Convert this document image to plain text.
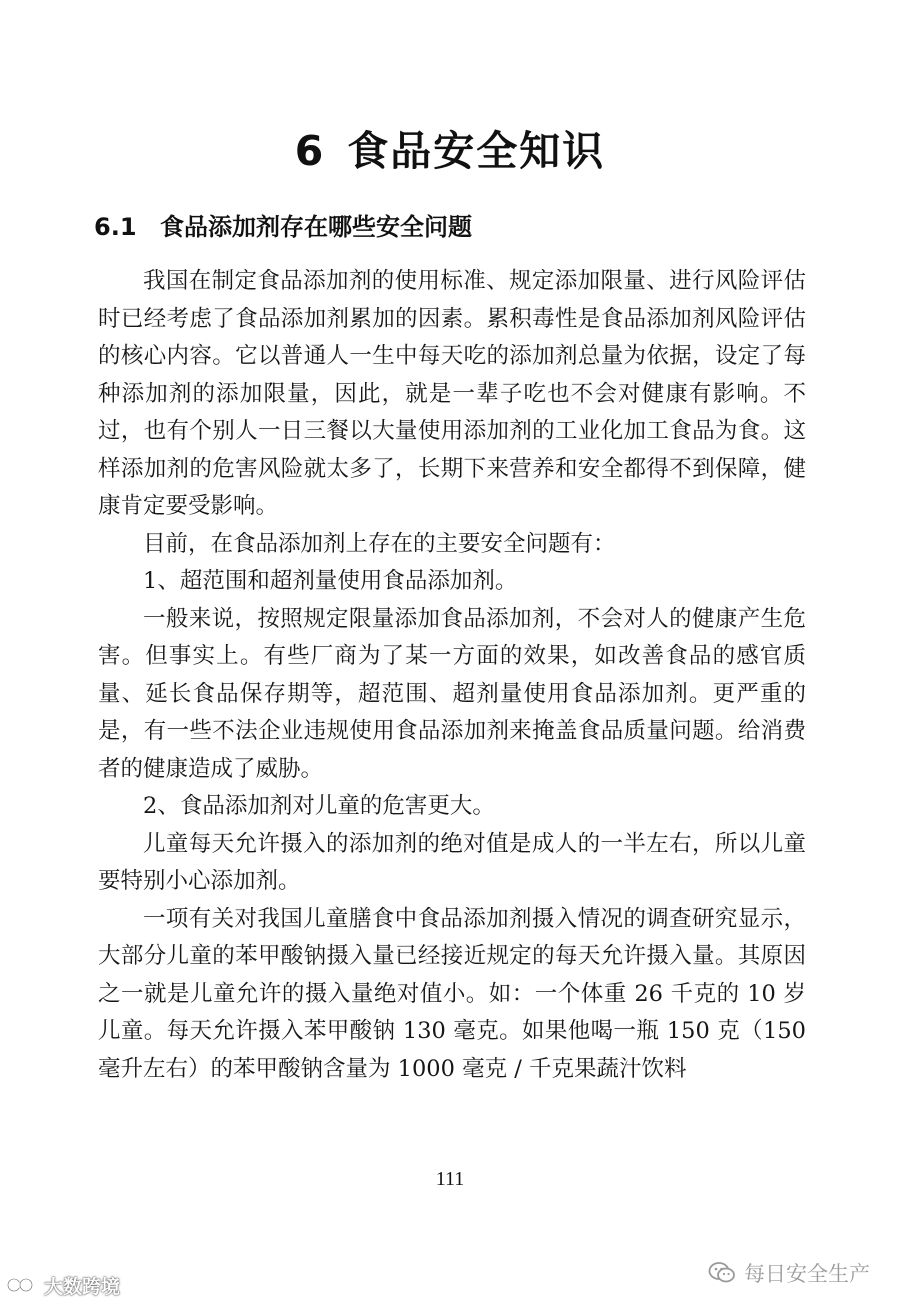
6 食品安全知识
6.1 食品添加剂存在哪些安全问题

我国在制定食品添加剂的使用标准、规定添加限量、进行风险评估时已经考虑了食品添加剂累加的因素。累积毒性是食品添加剂风险评估的核心内容。它以普通人一生中每天吃的添加剂总量为依据，设定了每种添加剂的添加限量，因此，就是一辈子吃也不会对健康有影响。不过，也有个别人一日三餐以大量使用添加剂的工业化加工食品为食。这样添加剂的危害风险就太多了，长期下来营养和安全都得不到保障，健康肯定要受影响。

目前，在食品添加剂上存在的主要安全问题有：

1、超范围和超剂量使用食品添加剂。

一般来说，按照规定限量添加食品添加剂，不会对人的健康产生危害。但事实上。有些厂商为了某一方面的效果，如改善食品的感官质量、延长食品保存期等，超范围、超剂量使用食品添加剂。更严重的是，有一些不法企业违规使用食品添加剂来掩盖食品质量问题。给消费者的健康造成了威胁。

2、食品添加剂对儿童的危害更大。

儿童每天允许摄入的添加剂的绝对值是成人的一半左右，所以儿童要特别小心添加剂。

一项有关对我国儿童膳食中食品添加剂摄入情况的调查研究显示，大部分儿童的苯甲酸钠摄入量已经接近规定的每天允许摄入量。其原因之一就是儿童允许的摄入量绝对值小。如：一个体重 26 千克的 10 岁儿童。每天允许摄入苯甲酸钠 130 毫克。如果他喝一瓶 150 克（150 毫升左右）的苯甲酸钠含量为 1000 毫克 / 千克果蔬汁饮料

111
每日安全生产
大数跨境
